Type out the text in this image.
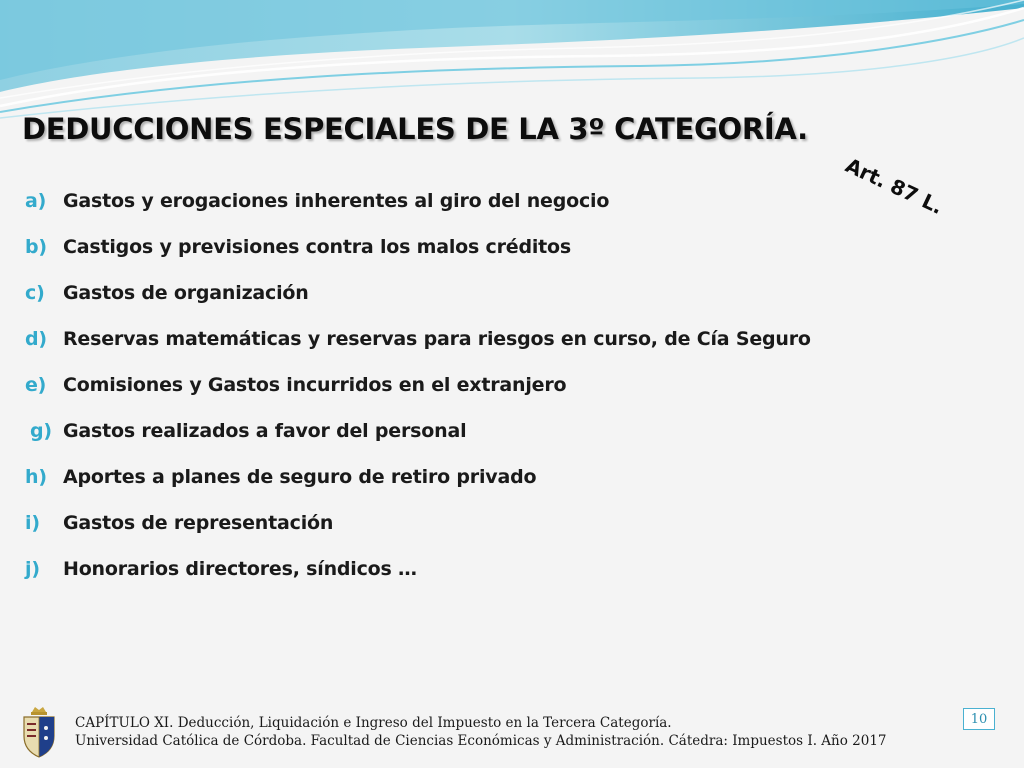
DEDUCCIONES ESPECIALES DE LA 3º CATEGORÍA.
Art. 87 L.
a) Gastos y erogaciones inherentes al giro del negocio
b) Castigos y previsiones contra los malos créditos
c) Gastos de organización
d) Reservas matemáticas y reservas para riesgos en curso, de Cía Seguro
e) Comisiones y Gastos incurridos en el extranjero
g) Gastos realizados a favor del personal
h) Aportes a planes de seguro de retiro privado
i) Gastos de representación
j) Honorarios directores, síndicos …
CAPÍTULO XI. Deducción, Liquidación e Ingreso del Impuesto en la Tercera Categoría.
Universidad Católica de Córdoba. Facultad de Ciencias Económicas y Administración. Cátedra: Impuestos I. Año 2017
10
